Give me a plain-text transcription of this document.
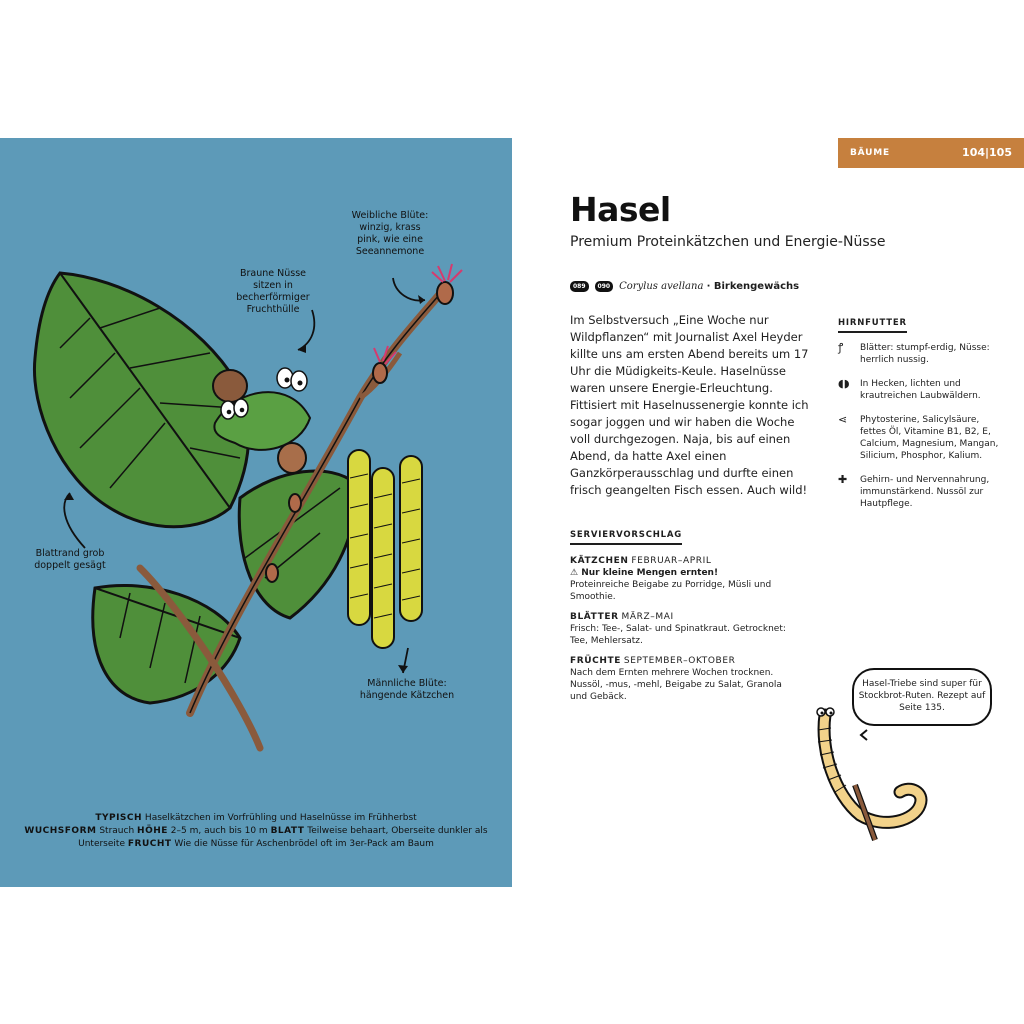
Weibliche Blüte: winzig, krass pink, wie eine Seeannemone
Braune Nüsse sitzen in becherförmiger Fruchthülle
Blattrand grob doppelt gesägt
Männliche Blüte: hängende Kätzchen
TYPISCH Haselkätzchen im Vorfrühling und Haselnüsse im Frühherbst
WUCHSFORM Strauch HÖHE 2–5 m, auch bis 10 m BLATT Teilweise behaart, Oberseite dunkler als Unterseite FRUCHT Wie die Nüsse für Aschenbrödel oft im 3er-Pack am Baum
BÄUME	104|105
Hasel
Premium Proteinkätzchen und Energie-Nüsse
089	090 Corylus avellana · Birkengewächs
Im Selbstversuch „Eine Woche nur Wildpflanzen“ mit Journalist Axel Heyder killte uns am ersten Abend bereits um 17 Uhr die Müdigkeits-Keule. Haselnüsse waren unsere Energie-Erleuchtung. Fittisiert mit Haselnussenergie konnte ich sogar joggen und wir haben die Woche voll durchgezogen. Naja, bis auf einen Abend, da hatte Axel einen Ganzkörperausschlag und durfte einen frisch geangelten Fisch essen. Auch wild!
SERVIERVORSCHLAG
KÄTZCHEN FEBRUAR–APRIL
⚠ Nur kleine Mengen ernten!
Proteinreiche Beigabe zu Porridge, Müsli und Smoothie.
BLÄTTER MÄRZ–MAI
Frisch: Tee-, Salat- und Spinatkraut. Getrocknet: Tee, Mehlersatz.
FRÜCHTE SEPTEMBER–OKTOBER
Nach dem Ernten mehrere Wochen trocknen. Nussöl, -mus, -mehl, Beigabe zu Salat, Granola und Gebäck.
HIRNFUTTER
ꝭ	Blätter: stumpf-erdig, Nüsse: herrlich nussig.
◖◗	In Hecken, lichten und krautreichen Laubwäldern.
⋖	Phytosterine, Salicylsäure, fettes Öl, Vitamine B1, B2, E, Calcium, Magnesium, Mangan, Silicium, Phosphor, Kalium.
✚	Gehirn- und Nervennahrung, immunstärkend. Nussöl zur Hautpflege.
Hasel-Triebe sind super für Stockbrot-Ruten. Rezept auf Seite 135.
